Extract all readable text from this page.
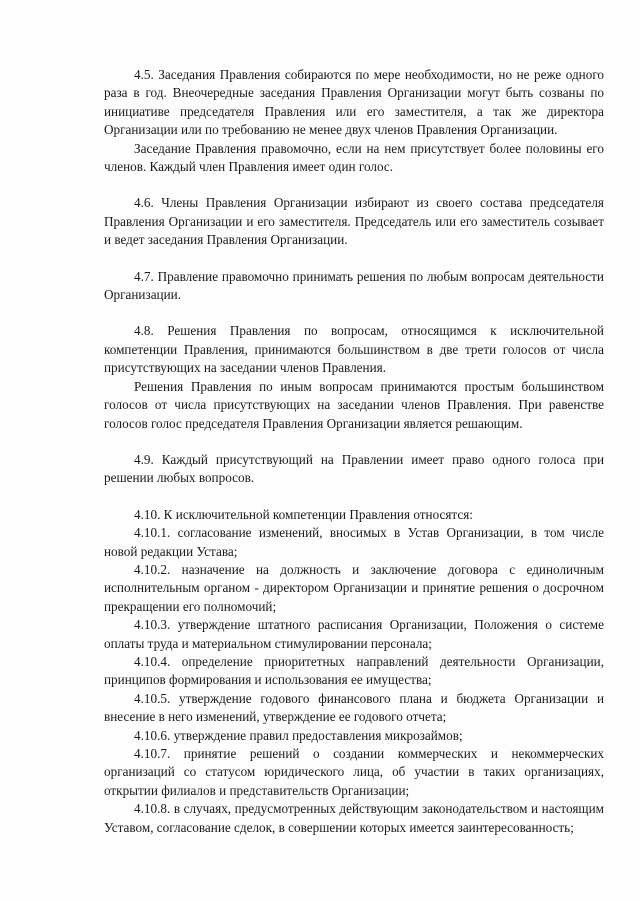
4.5. Заседания Правления собираются по мере необходимости, но не реже одного раза в год. Внеочередные заседания Правления Организации могут быть созваны по инициативе председателя Правления или его заместителя, а так же директора Организации или по требованию не менее двух членов Правления Организации.

Заседание Правления правомочно, если на нем присутствует более половины его членов. Каждый член Правления имеет один голос.

4.6. Члены Правления Организации избирают из своего состава председателя Правления Организации и его заместителя. Председатель или его заместитель созывает и ведет заседания Правления Организации.

4.7. Правление правомочно принимать решения по любым вопросам деятельности Организации.

4.8. Решения Правления по вопросам, относящимся к исключительной компетенции Правления, принимаются большинством в две трети голосов от числа присутствующих на заседании членов Правления.

Решения Правления по иным вопросам принимаются простым большинством голосов от числа присутствующих на заседании членов Правления. При равенстве голосов голос председателя Правления Организации является решающим.

4.9. Каждый присутствующий на Правлении имеет право одного голоса при решении любых вопросов.

4.10. К исключительной компетенции Правления относятся:

4.10.1. согласование изменений, вносимых в Устав Организации, в том числе новой редакции Устава;

4.10.2. назначение на должность и заключение договора с единоличным исполнительным органом - директором Организации и принятие решения о досрочном прекращении его полномочий;

4.10.3. утверждение штатного расписания Организации, Положения о системе оплаты труда и материальном стимулировании персонала;

4.10.4. определение приоритетных направлений деятельности Организации, принципов формирования и использования ее имущества;

4.10.5. утверждение годового финансового плана и бюджета Организации и внесение в него изменений, утверждение ее годового отчета;

4.10.6. утверждение правил предоставления микрозаймов;

4.10.7. принятие решений о создании коммерческих и некоммерческих организаций со статусом юридического лица, об участии в таких организациях, открытии филиалов и представительств Организации;

4.10.8. в случаях, предусмотренных действующим законодательством и настоящим Уставом, согласование сделок, в совершении которых имеется заинтересованность;
